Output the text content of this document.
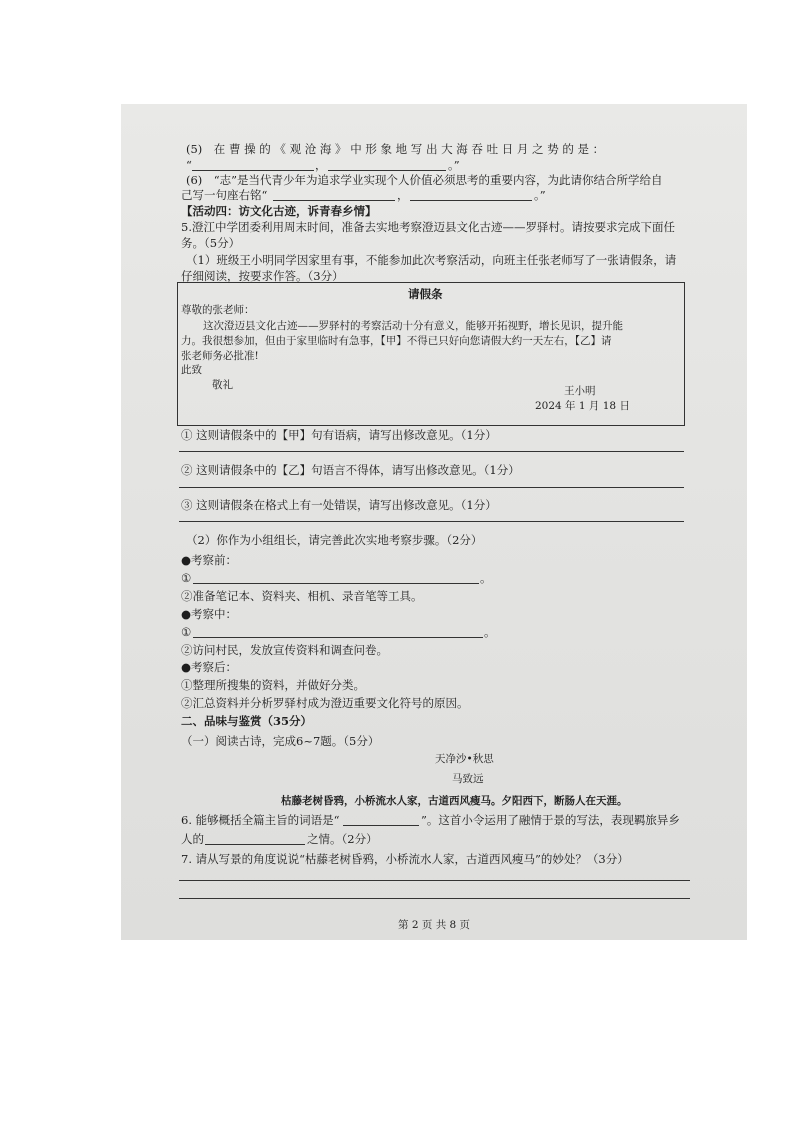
(5)　在 曹 操 的 《 观 沧 海 》 中 形 象 地 写 出 大 海 吞 吐 日 月 之 势 的 是 ：
“	，	。”
(6)　“志”是当代青少年为追求学业实现个人价值必须思考的重要内容，为此请你结合所学给自
己写一句座右铭“	，	。”
【活动四：访文化古迹，诉青春乡情】
5.澄江中学团委利用周末时间，准备去实地考察澄迈县文化古迹——罗驿村。请按要求完成下面任
务。（5分）
（1）班级王小明同学因家里有事，不能参加此次考察活动，向班主任张老师写了一张请假条，请
仔细阅读，按要求作答。（3分）
请假条
尊敬的张老师：
这次澄迈县文化古迹——罗驿村的考察活动十分有意义，能够开拓视野，增长见识，提升能
力。我很想参加，但由于家里临时有急事，【甲】不得已只好向您请假大约一天左右，【乙】请
张老师务必批准!
此致
敬礼	王小明
2024 年 1 月 18 日
① 这则请假条中的【甲】句有语病，请写出修改意见。（1分）
② 这则请假条中的【乙】句语言不得体，请写出修改意见。（1分）
③ 这则请假条在格式上有一处错误，请写出修改意见。（1分）
（2）你作为小组组长，请完善此次实地考察步骤。（2分）
●考察前：
①	。
②准备笔记本、资料夹、相机、录音笔等工具。
●考察中：
①	。
②访问村民，发放宣传资料和调查问卷。
●考察后：
①整理所搜集的资料，并做好分类。
②汇总资料并分析罗驿村成为澄迈重要文化符号的原因。
二、品味与鉴赏（35分）
（一）阅读古诗，完成6~7题。（5分）
天净沙•秋思
马致远
枯藤老树昏鸦，小桥流水人家，古道西风瘦马。夕阳西下，断肠人在天涯。
6. 能够概括全篇主旨的词语是“	”。这首小令运用了融情于景的写法，表现羁旅异乡
人的	之情。（2分）
7. 请从写景的角度说说“枯藤老树昏鸦，小桥流水人家，古道西风瘦马”的妙处？（3分）
第 2 页 共 8 页
